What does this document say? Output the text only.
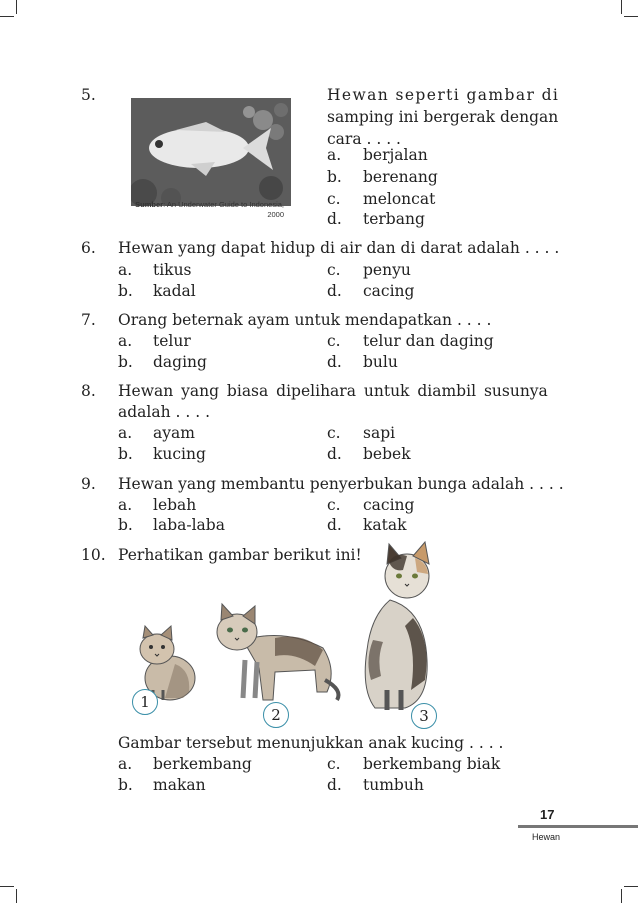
5.
Sumber: An Underwater Guide to Indonesia,
2000
Hewan seperti gambar di
samping ini bergerak dengan
cara . . . .
a. berjalan
b. berenang
c. meloncat
d. terbang
6. Hewan yang dapat hidup di air dan di darat adalah . . . .
a. tikus	c. penyu
b. kadal	d. cacing
7. Orang beternak ayam untuk mendapatkan . . . .
a. telur	c. telur dan daging
b. daging	d. bulu
8. Hewan yang biasa dipelihara untuk diambil susunya
adalah . . . .
a. ayam	c. sapi
b. kucing	d. bebek
9. Hewan yang membantu penyerbukan bunga adalah . . . .
a. lebah	c. cacing
b. laba-laba	d. katak
10. Perhatikan gambar berikut ini!
1
2	3
Gambar tersebut menunjukkan anak kucing . . . .
a. berkembang	c. berkembang biak
b. makan	d. tumbuh
17
Hewan
